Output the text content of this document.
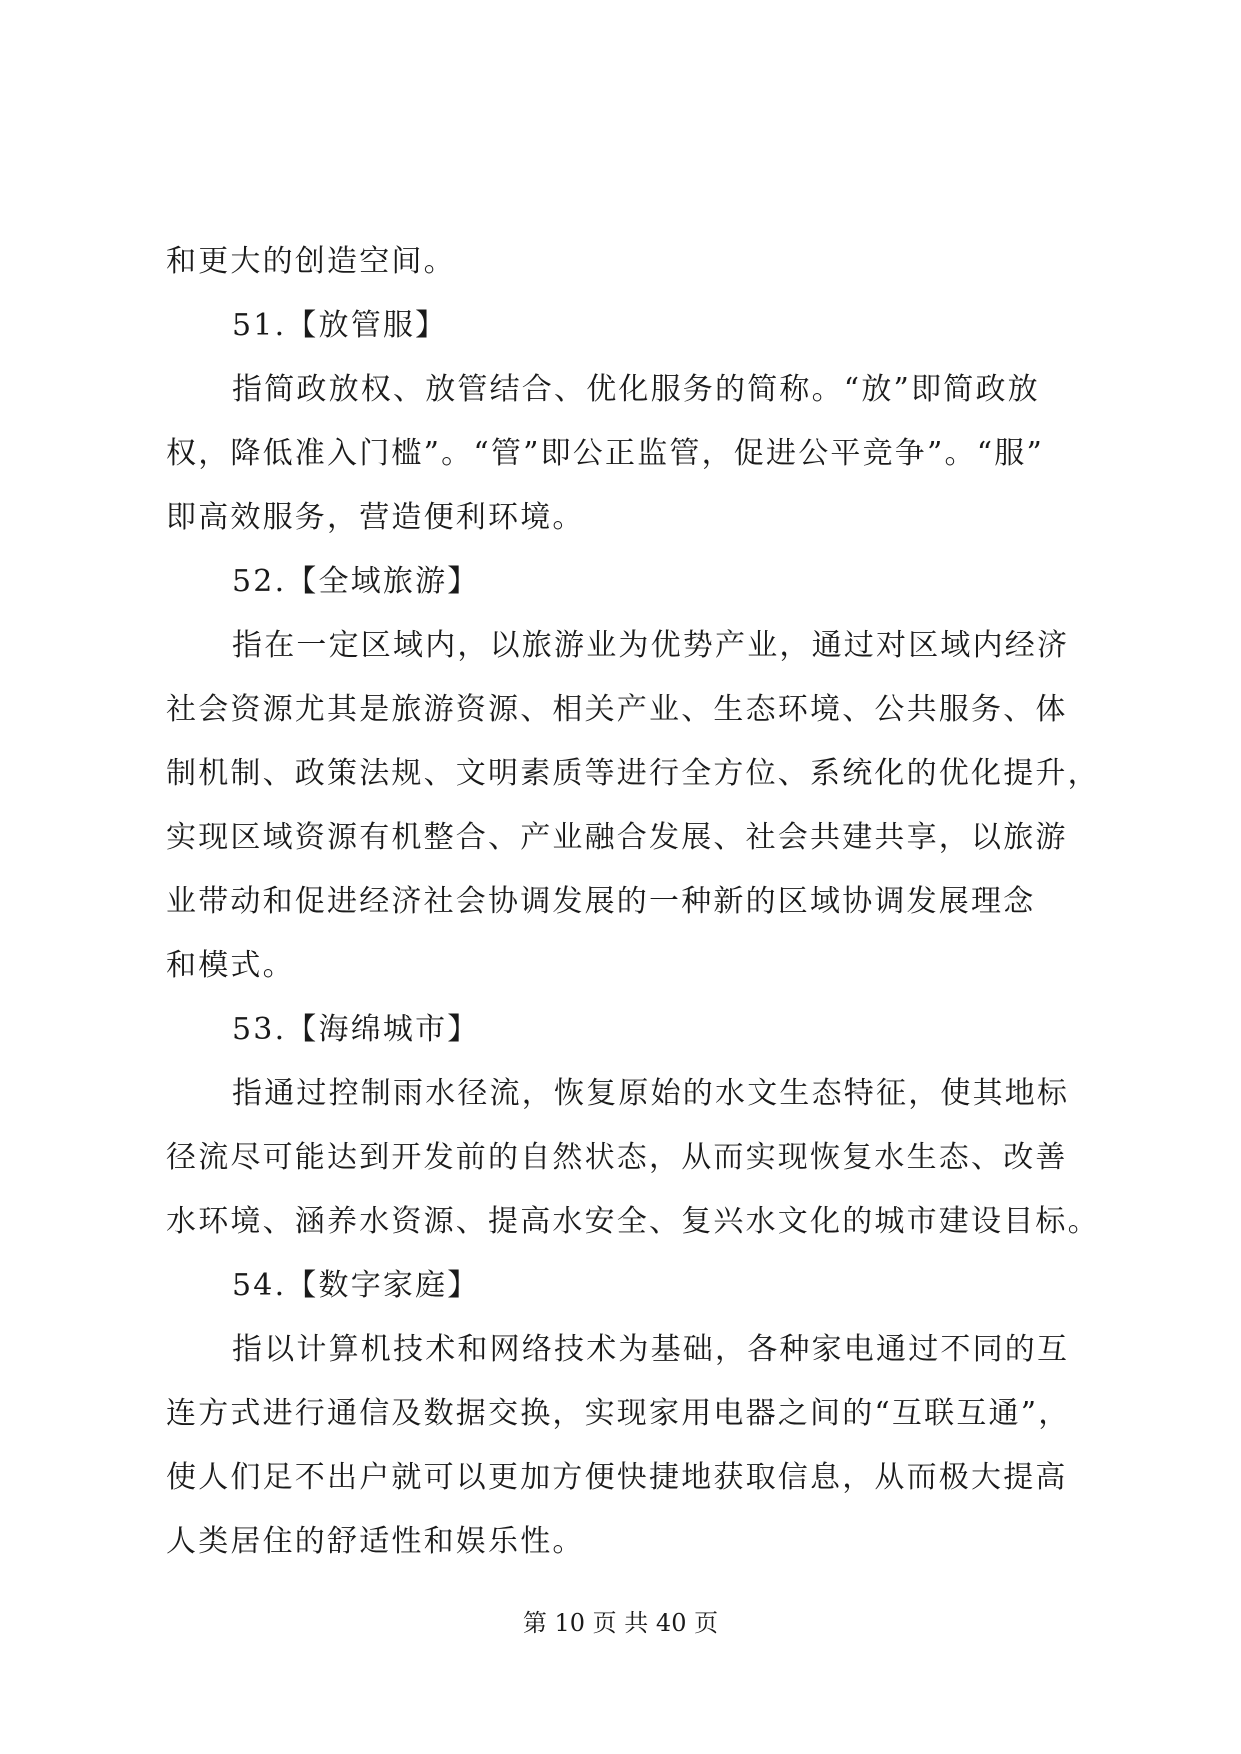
和更大的创造空间。
51.【放管服】
指简政放权、放管结合、优化服务的简称。“放”即简政放
权，降低准入门槛”。“管”即公正监管，促进公平竞争”。“服”
即高效服务，营造便利环境。
52.【全域旅游】
指在一定区域内，以旅游业为优势产业，通过对区域内经济
社会资源尤其是旅游资源、相关产业、生态环境、公共服务、体
制机制、政策法规、文明素质等进行全方位、系统化的优化提升，
实现区域资源有机整合、产业融合发展、社会共建共享，以旅游
业带动和促进经济社会协调发展的一种新的区域协调发展理念
和模式。
53.【海绵城市】
指通过控制雨水径流，恢复原始的水文生态特征，使其地标
径流尽可能达到开发前的自然状态，从而实现恢复水生态、改善
水环境、涵养水资源、提高水安全、复兴水文化的城市建设目标。
54.【数字家庭】
指以计算机技术和网络技术为基础，各种家电通过不同的互
连方式进行通信及数据交换，实现家用电器之间的“互联互通”，
使人们足不出户就可以更加方便快捷地获取信息，从而极大提高
人类居住的舒适性和娱乐性。
第 10 页 共 40 页
